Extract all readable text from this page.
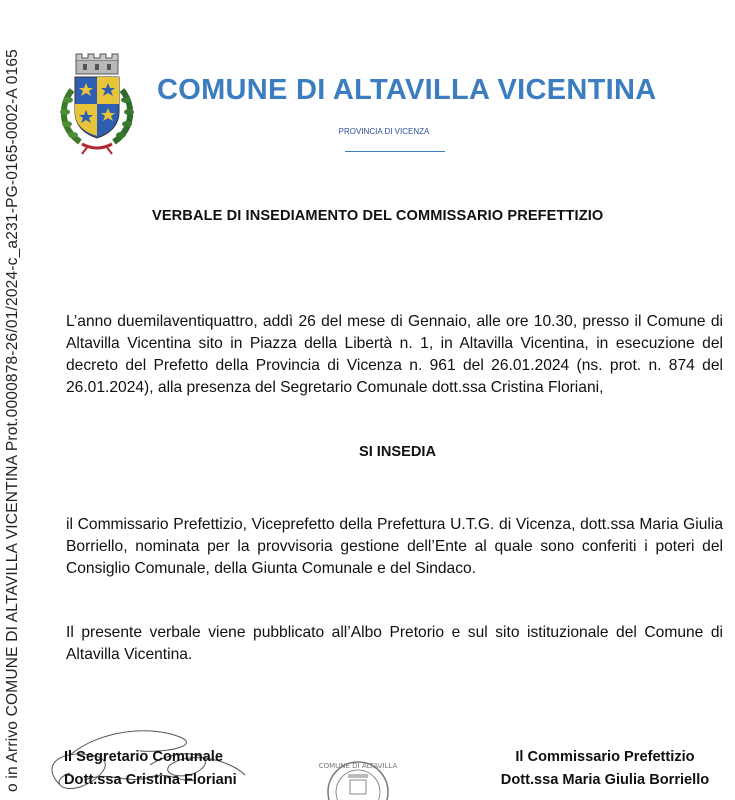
o in Arrivo COMUNE DI ALTAVILLA VICENTINA Prot.0000878-26/01/2024-c_a231-PG-0165-0002-A 0165	COMUNE DI ALTAVILLA VICENTINA
PROVINCIA DI VICENZA
VERBALE DI INSEDIAMENTO DEL COMMISSARIO PREFETTIZIO

L’anno duemilaventiquattro, addì 26 del mese di Gennaio, alle ore 10.30, presso il Comune di Altavilla Vicentina sito in Piazza della Libertà n. 1, in Altavilla Vicentina, in esecuzione del decreto del Prefetto della Provincia di Vicenza n. 961 del 26.01.2024 (ns. prot. n. 874 del 26.01.2024), alla presenza del Segretario Comunale dott.ssa Cristina Floriani,

SI INSEDIA

il Commissario Prefettizio, Viceprefetto della Prefettura U.T.G. di Vicenza, dott.ssa Maria Giulia Borriello, nominata per la provvisoria gestione dell’Ente al quale sono conferiti i poteri del Consiglio Comunale, della Giunta Comunale e del Sindaco.

Il presente verbale viene pubblicato all’Albo Pretorio e sul sito istituzionale del Comune di Altavilla Vicentina.

Il Segretario Comunale
Dott.ssa Cristina Floriani
COMUNE DI ALTAVILLA
Il Commissario Prefettizio
Dott.ssa Maria Giulia Borriello
